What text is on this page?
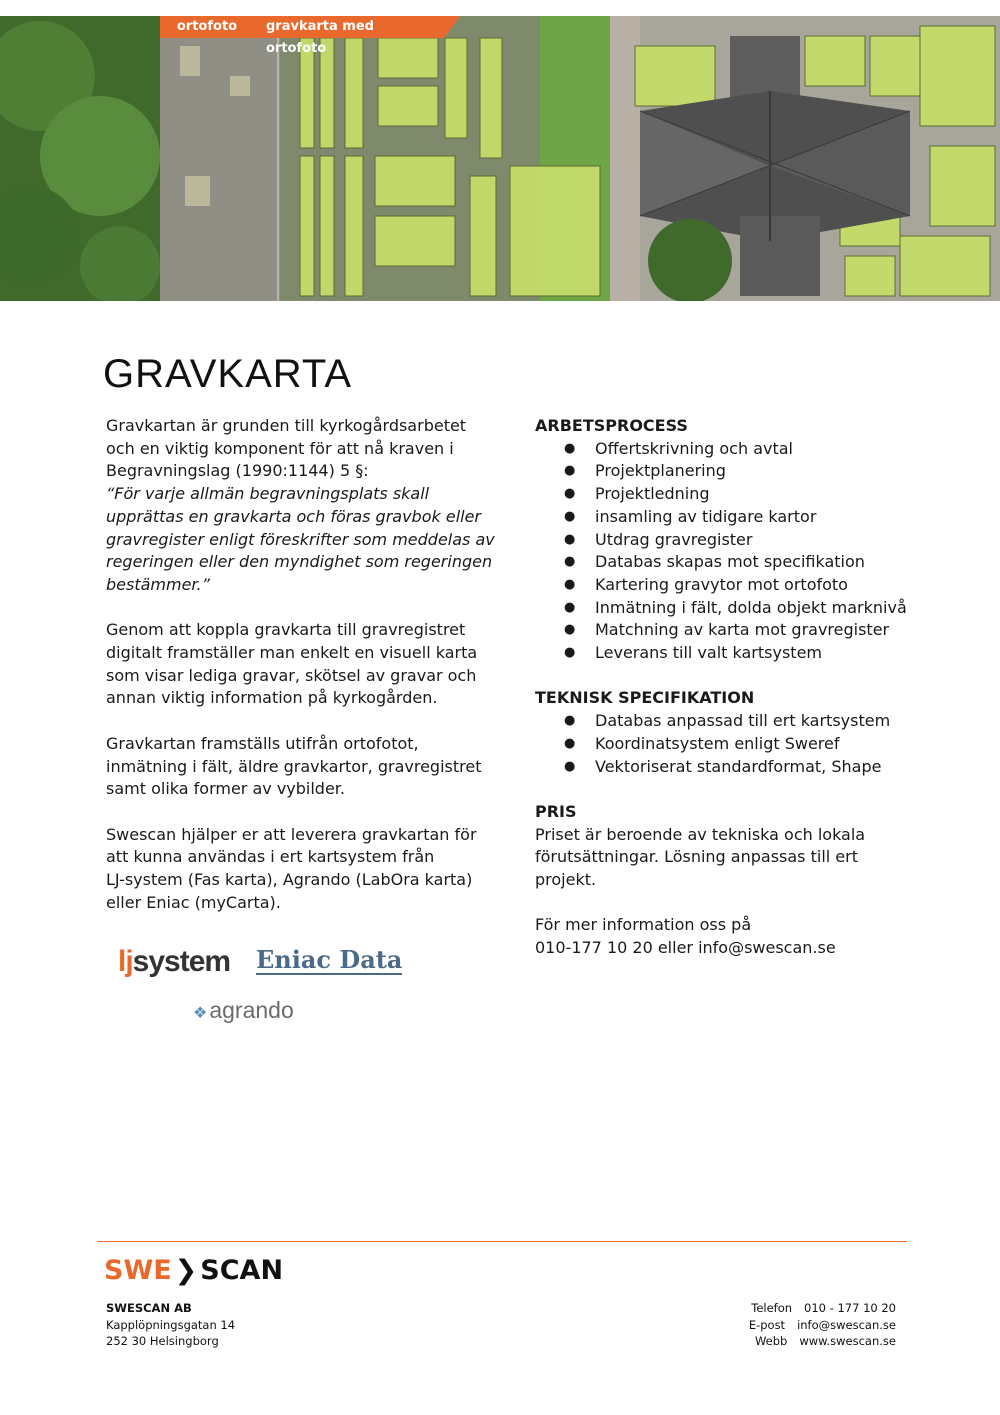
ortofoto	gravkarta med ortofoto
GRAVKARTA

Gravkartan är grunden till kyrkogårdsarbetet
och en viktig komponent för att nå kraven i
Begravningslag (1990:1144) 5 §:
“För varje allmän begravningsplats skall
upprättas en gravkarta och föras gravbok eller
gravregister enligt föreskrifter som meddelas av
regeringen eller den myndighet som regeringen
bestämmer.”

Genom att koppla gravkarta till gravregistret
digitalt framställer man enkelt en visuell karta
som visar lediga gravar, skötsel av gravar och
annan viktig information på kyrkogården.

Gravkartan framställs utifrån ortofotot,
inmätning i fält, äldre gravkartor, gravregistret
samt olika former av vybilder.

Swescan hjälper er att leverera gravkartan för
att kunna användas i ert kartsystem från
LJ-system (Fas karta), Agrando (LabOra karta)
eller Eniac (myCarta).

ljsystem Eniac Data
❖agrando
ARBETSPROCESS
● Offertskrivning och avtal
● Projektplanering
● Projektledning
● insamling av tidigare kartor
● Utdrag gravregister
● Databas skapas mot specifikation
● Kartering gravytor mot ortofoto
● Inmätning i fält, dolda objekt marknivå
● Matchning av karta mot gravregister
● Leverans till valt kartsystem
TEKNISK SPECIFIKATION
● Databas anpassad till ert kartsystem
● Koordinatsystem enligt Sweref
● Vektoriserat standardformat, Shape
PRIS

Priset är beroende av tekniska och lokala
förutsättningar. Lösning anpassas till ert
projekt.

För mer information oss på
010-177 10 20 eller info@swescan.se

SWE ❯ SCAN
SWESCAN AB
Kapplöpningsgatan 14
252 30 Helsingborg
Telefon 010 - 177 10 20
E-post info@swescan.se
Webb www.swescan.se
